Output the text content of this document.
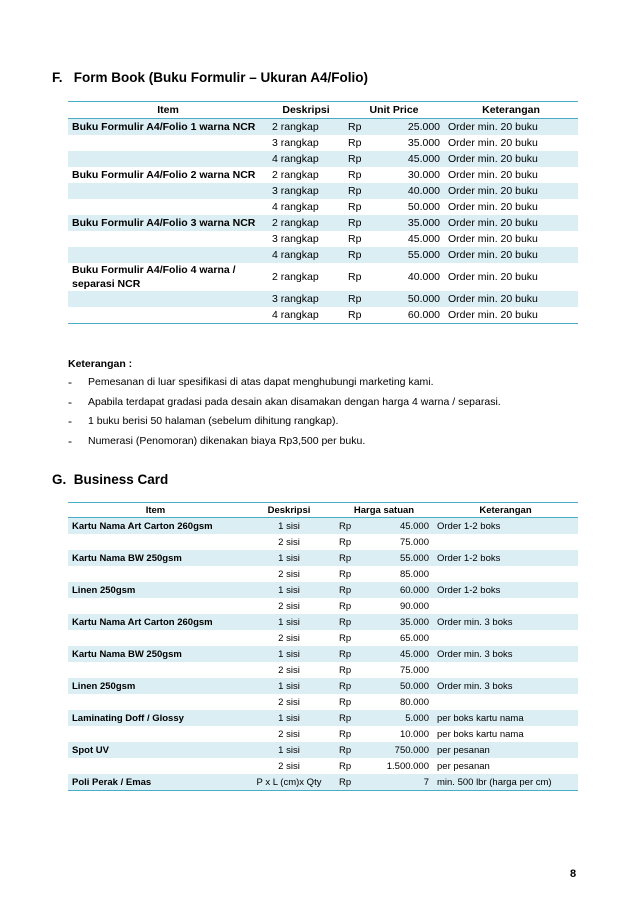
F. Form Book (Buku Formulir – Ukuran A4/Folio)
Item	Deskripsi	Unit Price		Keterangan
Buku Formulir A4/Folio 1 warna NCR	2 rangkap	Rp	25.000	Order min. 20 buku
	3 rangkap	Rp	35.000	Order min. 20 buku
	4 rangkap	Rp	45.000	Order min. 20 buku
Buku Formulir A4/Folio 2 warna NCR	2 rangkap	Rp	30.000	Order min. 20 buku
	3 rangkap	Rp	40.000	Order min. 20 buku
	4 rangkap	Rp	50.000	Order min. 20 buku
Buku Formulir A4/Folio 3 warna NCR	2 rangkap	Rp	35.000	Order min. 20 buku
	3 rangkap	Rp	45.000	Order min. 20 buku
	4 rangkap	Rp	55.000	Order min. 20 buku
Buku Formulir A4/Folio 4 warna / separasi NCR	2 rangkap	Rp	40.000	Order min. 20 buku
	3 rangkap	Rp	50.000	Order min. 20 buku
	4 rangkap	Rp	60.000	Order min. 20 buku

Keterangan :

- Pemesanan di luar spesifikasi di atas dapat menghubungi marketing kami.
- Apabila terdapat gradasi pada desain akan disamakan dengan harga 4 warna / separasi.
- 1 buku berisi 50 halaman (sebelum dihitung rangkap).
- Numerasi (Penomoran) dikenakan biaya Rp3,500 per buku.
G. Business Card
Item	Deskripsi	Harga satuan		Keterangan
Kartu Nama Art Carton 260gsm	1 sisi	Rp	45.000	Order 1-2 boks
	2 sisi	Rp	75.000	
Kartu Nama BW 250gsm	1 sisi	Rp	55.000	Order 1-2 boks
	2 sisi	Rp	85.000	
Linen 250gsm	1 sisi	Rp	60.000	Order 1-2 boks
	2 sisi	Rp	90.000	
Kartu Nama Art Carton 260gsm	1 sisi	Rp	35.000	Order min. 3 boks
	2 sisi	Rp	65.000	
Kartu Nama BW 250gsm	1 sisi	Rp	45.000	Order min. 3 boks
	2 sisi	Rp	75.000	
Linen 250gsm	1 sisi	Rp	50.000	Order min. 3 boks
	2 sisi	Rp	80.000	
Laminating Doff / Glossy	1 sisi	Rp	5.000	per boks kartu nama
	2 sisi	Rp	10.000	per boks kartu nama
Spot UV	1 sisi	Rp	750.000	per pesanan
	2 sisi	Rp	1.500.000	per pesanan
Poli Perak / Emas	P x L (cm)x Qty	Rp	7	min. 500 lbr (harga per cm)
8
